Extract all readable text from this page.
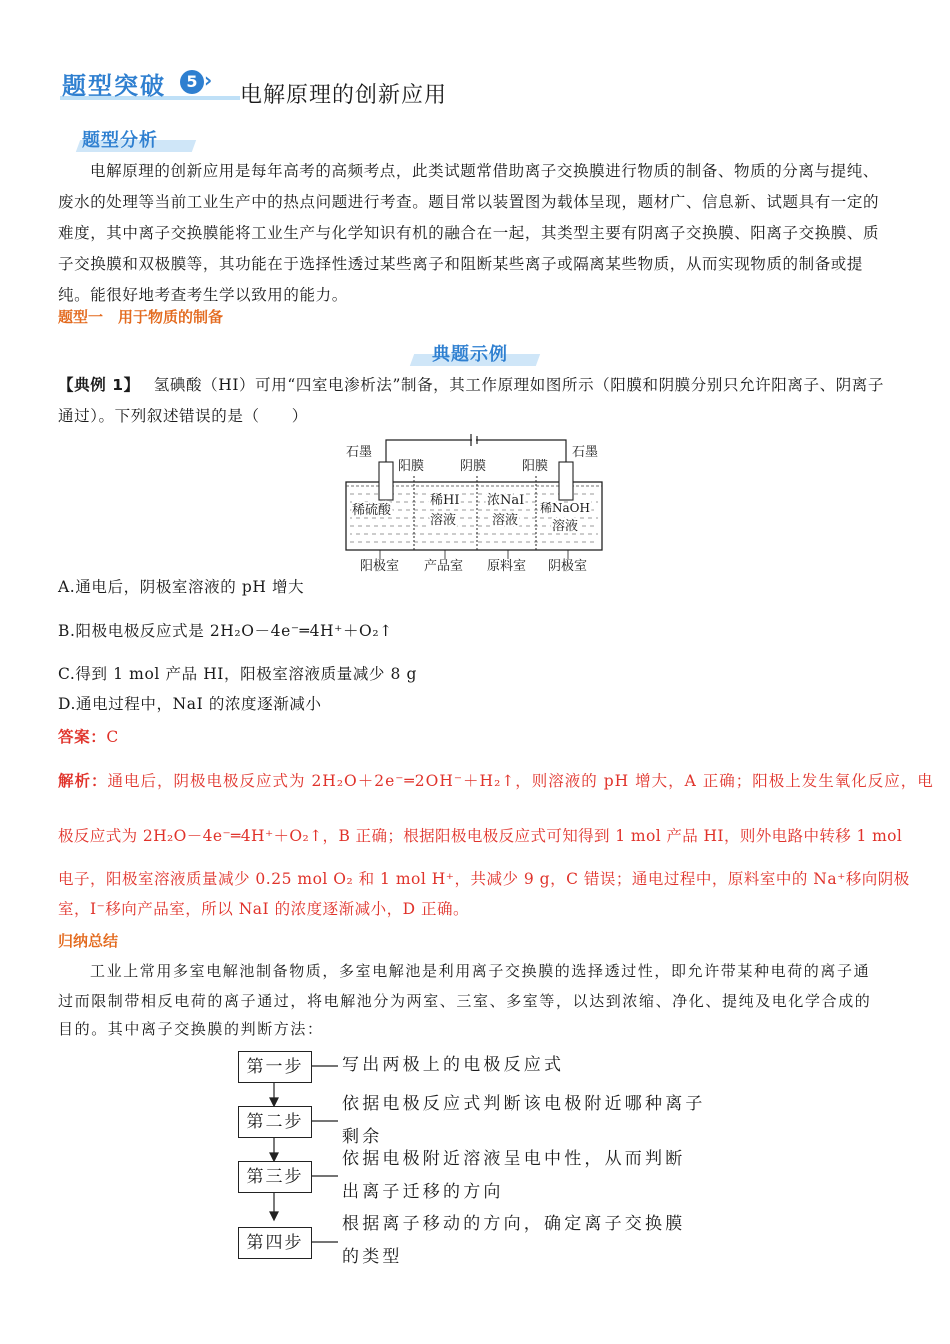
题型突破	5 ›
电解原理的创新应用
题型分析
电解原理的创新应用是每年高考的高频考点，此类试题常借助离子交换膜进行物质的制备、物质的分离与提纯、废水的处理等当前工业生产中的热点问题进行考查。题目常以装置图为载体呈现，题材广、信息新、试题具有一定的难度，其中离子交换膜能将工业生产与化学知识有机的融合在一起，其类型主要有阴离子交换膜、阳离子交换膜、质子交换膜和双极膜等，其功能在于选择性透过某些离子和阻断某些离子或隔离某些物质，从而实现物质的制备或提纯。能很好地考查考生学以致用的能力。
题型一　用于物质的制备
典题示例
【典例 1】 氢碘酸（HI）可用“四室电渗析法”制备，其工作原理如图所示（阳膜和阴膜分别只允许阳离子、阴离子通过）。下列叙述错误的是（　　）
石墨	石墨
阳膜	阴膜	阳膜
稀硫酸
稀HI
溶液
浓NaI
溶液
稀NaOH
溶液
阳极室 产品室 原料室 阴极室
A.通电后，阴极室溶液的 pH 增大
B.阳极电极反应式是 2H₂O－4e⁻═4H⁺＋O₂↑
C.得到 1 mol 产品 HI，阳极室溶液质量减少 8 g
D.通电过程中，NaI 的浓度逐渐减小
答案：C
解析：通电后，阴极电极反应式为 2H₂O＋2e⁻═2OH⁻＋H₂↑，则溶液的 pH 增大，A 正确；阳极上发生氧化反应，电
极反应式为 2H₂O－4e⁻═4H⁺＋O₂↑，B 正确；根据阳极电极反应式可知得到 1 mol 产品 HI，则外电路中转移 1 mol
电子，阳极室溶液质量减少 0.25 mol O₂ 和 1 mol H⁺，共减少 9 g，C 错误；通电过程中，原料室中的 Na⁺移向阴极
室，I⁻移向产品室，所以 NaI 的浓度逐渐减小，D 正确。
归纳总结
工业上常用多室电解池制备物质，多室电解池是利用离子交换膜的选择透过性，即允许带某种电荷的离子通
过而限制带相反电荷的离子通过，将电解池分为两室、三室、多室等，以达到浓缩、净化、提纯及电化学合成的
目的。其中离子交换膜的判断方法：
第一步	写出两极上的电极反应式
第二步
依据电极反应式判断该电极附近哪种离子
剩余
第三步
依据电极附近溶液呈电中性，从而判断
出离子迁移的方向
第四步
根据离子移动的方向，确定离子交换膜
的类型
